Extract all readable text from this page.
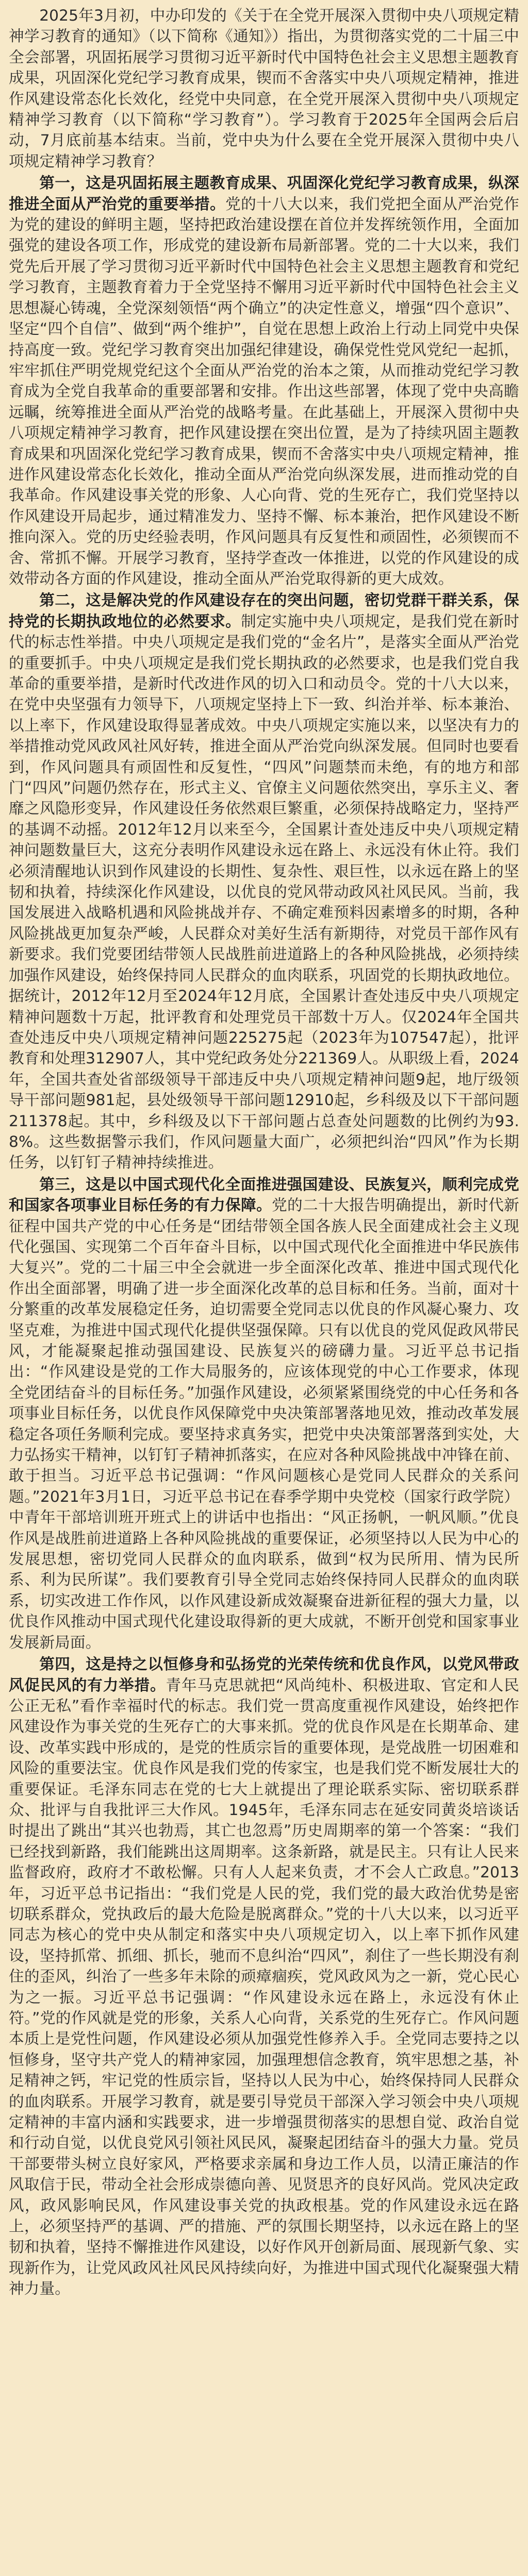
2025年3月初，中办印发的《关于在全党开展深入贯彻中央八项规定精神学习教育的通知》（以下简称《通知》）指出，为贯彻落实党的二十届三中全会部署，巩固拓展学习贯彻习近平新时代中国特色社会主义思想主题教育成果，巩固深化党纪学习教育成果，锲而不舍落实中央八项规定精神，推进作风建设常态化长效化，经党中央同意，在全党开展深入贯彻中央八项规定精神学习教育（以下简称“学习教育”）。学习教育于2025年全国两会后启动，7月底前基本结束。当前，党中央为什么要在全党开展深入贯彻中央八项规定精神学习教育？

第一，这是巩固拓展主题教育成果、巩固深化党纪学习教育成果，纵深推进全面从严治党的重要举措。党的十八大以来，我们党把全面从严治党作为党的建设的鲜明主题，坚持把政治建设摆在首位并发挥统领作用，全面加强党的建设各项工作，形成党的建设新布局新部署。党的二十大以来，我们党先后开展了学习贯彻习近平新时代中国特色社会主义思想主题教育和党纪学习教育，主题教育着力于全党坚持不懈用习近平新时代中国特色社会主义思想凝心铸魂，全党深刻领悟“两个确立”的决定性意义，增强“四个意识”、坚定“四个自信”、做到“两个维护”，自觉在思想上政治上行动上同党中央保持高度一致。党纪学习教育突出加强纪律建设，确保党性党风党纪一起抓，牢牢抓住严明党规党纪这个全面从严治党的治本之策，从而推动党纪学习教育成为全党自我革命的重要部署和安排。作出这些部署，体现了党中央高瞻远瞩，统筹推进全面从严治党的战略考量。在此基础上，开展深入贯彻中央八项规定精神学习教育，把作风建设摆在突出位置，是为了持续巩固主题教育成果和巩固深化党纪学习教育成果，锲而不舍落实中央八项规定精神，推进作风建设常态化长效化，推动全面从严治党向纵深发展，进而推动党的自我革命。作风建设事关党的形象、人心向背、党的生死存亡，我们党坚持以作风建设开局起步，通过精准发力、坚持不懈、标本兼治，把作风建设不断推向深入。党的历史经验表明，作风问题具有反复性和顽固性，必须锲而不舍、常抓不懈。开展学习教育，坚持学查改一体推进，以党的作风建设的成效带动各方面的作风建设，推动全面从严治党取得新的更大成效。

第二，这是解决党的作风建设存在的突出问题，密切党群干群关系，保持党的长期执政地位的必然要求。制定实施中央八项规定，是我们党在新时代的标志性举措。中央八项规定是我们党的“金名片”，是落实全面从严治党的重要抓手。中央八项规定是我们党长期执政的必然要求，也是我们党自我革命的重要举措，是新时代改进作风的切入口和动员令。党的十八大以来，在党中央坚强有力领导下，八项规定坚持上下一致、纠治并举、标本兼治、以上率下，作风建设取得显著成效。中央八项规定实施以来，以坚决有力的举措推动党风政风社风好转，推进全面从严治党向纵深发展。但同时也要看到，作风问题具有顽固性和反复性，“四风”问题禁而未绝，有的地方和部门“四风”问题仍然存在，形式主义、官僚主义问题依然突出，享乐主义、奢靡之风隐形变异，作风建设任务依然艰巨繁重，必须保持战略定力，坚持严的基调不动摇。2012年12月以来至今，全国累计查处违反中央八项规定精神问题数量巨大，这充分表明作风建设永远在路上、永远没有休止符。我们必须清醒地认识到作风建设的长期性、复杂性、艰巨性，以永远在路上的坚韧和执着，持续深化作风建设，以优良的党风带动政风社风民风。当前，我国发展进入战略机遇和风险挑战并存、不确定难预料因素增多的时期，各种风险挑战更加复杂严峻，人民群众对美好生活有新期待，对党员干部作风有新要求。我们党要团结带领人民战胜前进道路上的各种风险挑战，必须持续加强作风建设，始终保持同人民群众的血肉联系，巩固党的长期执政地位。据统计，2012年12月至2024年12月底，全国累计查处违反中央八项规定精神问题数十万起，批评教育和处理党员干部数十万人。仅2024年全国共查处违反中央八项规定精神问题225275起（2023年为107547起），批评教育和处理312907人，其中党纪政务处分221369人。从职级上看，2024年，全国共查处省部级领导干部违反中央八项规定精神问题9起，地厅级领导干部问题981起，县处级领导干部问题12910起，乡科级及以下干部问题211378起。其中，乡科级及以下干部问题占总查处问题数的比例约为93.8%。这些数据警示我们，作风问题量大面广，必须把纠治“四风”作为长期任务，以钉钉子精神持续推进。

第三，这是以中国式现代化全面推进强国建设、民族复兴，顺利完成党和国家各项事业目标任务的有力保障。党的二十大报告明确提出，新时代新征程中国共产党的中心任务是“团结带领全国各族人民全面建成社会主义现代化强国、实现第二个百年奋斗目标，以中国式现代化全面推进中华民族伟大复兴”。党的二十届三中全会就进一步全面深化改革、推进中国式现代化作出全面部署，明确了进一步全面深化改革的总目标和任务。当前，面对十分繁重的改革发展稳定任务，迫切需要全党同志以优良的作风凝心聚力、攻坚克难，为推进中国式现代化提供坚强保障。只有以优良的党风促政风带民风，才能凝聚起推动强国建设、民族复兴的磅礴力量。习近平总书记指出：“作风建设是党的工作大局服务的，应该体现党的中心工作要求，体现全党团结奋斗的目标任务。”加强作风建设，必须紧紧围绕党的中心任务和各项事业目标任务，以优良作风保障党中央决策部署落地见效，推动改革发展稳定各项任务顺利完成。要坚持求真务实，把党中央决策部署落到实处，大力弘扬实干精神，以钉钉子精神抓落实，在应对各种风险挑战中冲锋在前、敢于担当。习近平总书记强调：“作风问题核心是党同人民群众的关系问题。”2021年3月1日，习近平总书记在春季学期中央党校（国家行政学院）中青年干部培训班开班式上的讲话中也指出：“风正扬帆，一帆风顺。”优良作风是战胜前进道路上各种风险挑战的重要保证，必须坚持以人民为中心的发展思想，密切党同人民群众的血肉联系，做到“权为民所用、情为民所系、利为民所谋”。我们要教育引导全党同志始终保持同人民群众的血肉联系，切实改进工作作风，以作风建设新成效凝聚奋进新征程的强大力量，以优良作风推动中国式现代化建设取得新的更大成就，不断开创党和国家事业发展新局面。

第四，这是持之以恒修身和弘扬党的光荣传统和优良作风，以党风带政风促民风的有力举措。青年马克思就把“风尚纯朴、积极进取、官定和人民公正无私”看作幸福时代的标志。我们党一贯高度重视作风建设，始终把作风建设作为事关党的生死存亡的大事来抓。党的优良作风是在长期革命、建设、改革实践中形成的，是党的性质宗旨的重要体现，是党战胜一切困难和风险的重要法宝。优良作风是我们党的传家宝，也是我们党不断发展壮大的重要保证。毛泽东同志在党的七大上就提出了理论联系实际、密切联系群众、批评与自我批评三大作风。1945年，毛泽东同志在延安同黄炎培谈话时提出了跳出“其兴也勃焉，其亡也忽焉”历史周期率的第一个答案：“我们已经找到新路，我们能跳出这周期率。这条新路，就是民主。只有让人民来监督政府，政府才不敢松懈。只有人人起来负责，才不会人亡政息。”2013年，习近平总书记指出：“我们党是人民的党，我们党的最大政治优势是密切联系群众，党执政后的最大危险是脱离群众。”党的十八大以来，以习近平同志为核心的党中央从制定和落实中央八项规定切入，以上率下抓作风建设，坚持抓常、抓细、抓长，驰而不息纠治“四风”，刹住了一些长期没有刹住的歪风，纠治了一些多年未除的顽瘴痼疾，党风政风为之一新，党心民心为之一振。习近平总书记强调：“作风建设永远在路上，永远没有休止符。”党的作风就是党的形象，关系人心向背，关系党的生死存亡。作风问题本质上是党性问题，作风建设必须从加强党性修养入手。全党同志要持之以恒修身，坚守共产党人的精神家园，加强理想信念教育，筑牢思想之基，补足精神之钙，牢记党的性质宗旨，坚持以人民为中心，始终保持同人民群众的血肉联系。开展学习教育，就是要引导党员干部深入学习领会中央八项规定精神的丰富内涵和实践要求，进一步增强贯彻落实的思想自觉、政治自觉和行动自觉，以优良党风引领社风民风，凝聚起团结奋斗的强大力量。党员干部要带头树立良好家风，严格要求亲属和身边工作人员，以清正廉洁的作风取信于民，带动全社会形成崇德向善、见贤思齐的良好风尚。党风决定政风，政风影响民风，作风建设事关党的执政根基。党的作风建设永远在路上，必须坚持严的基调、严的措施、严的氛围长期坚持，以永远在路上的坚韧和执着，坚持不懈推进作风建设，以好作风开创新局面、展现新气象、实现新作为，让党风政风社风民风持续向好，为推进中国式现代化凝聚强大精神力量。
